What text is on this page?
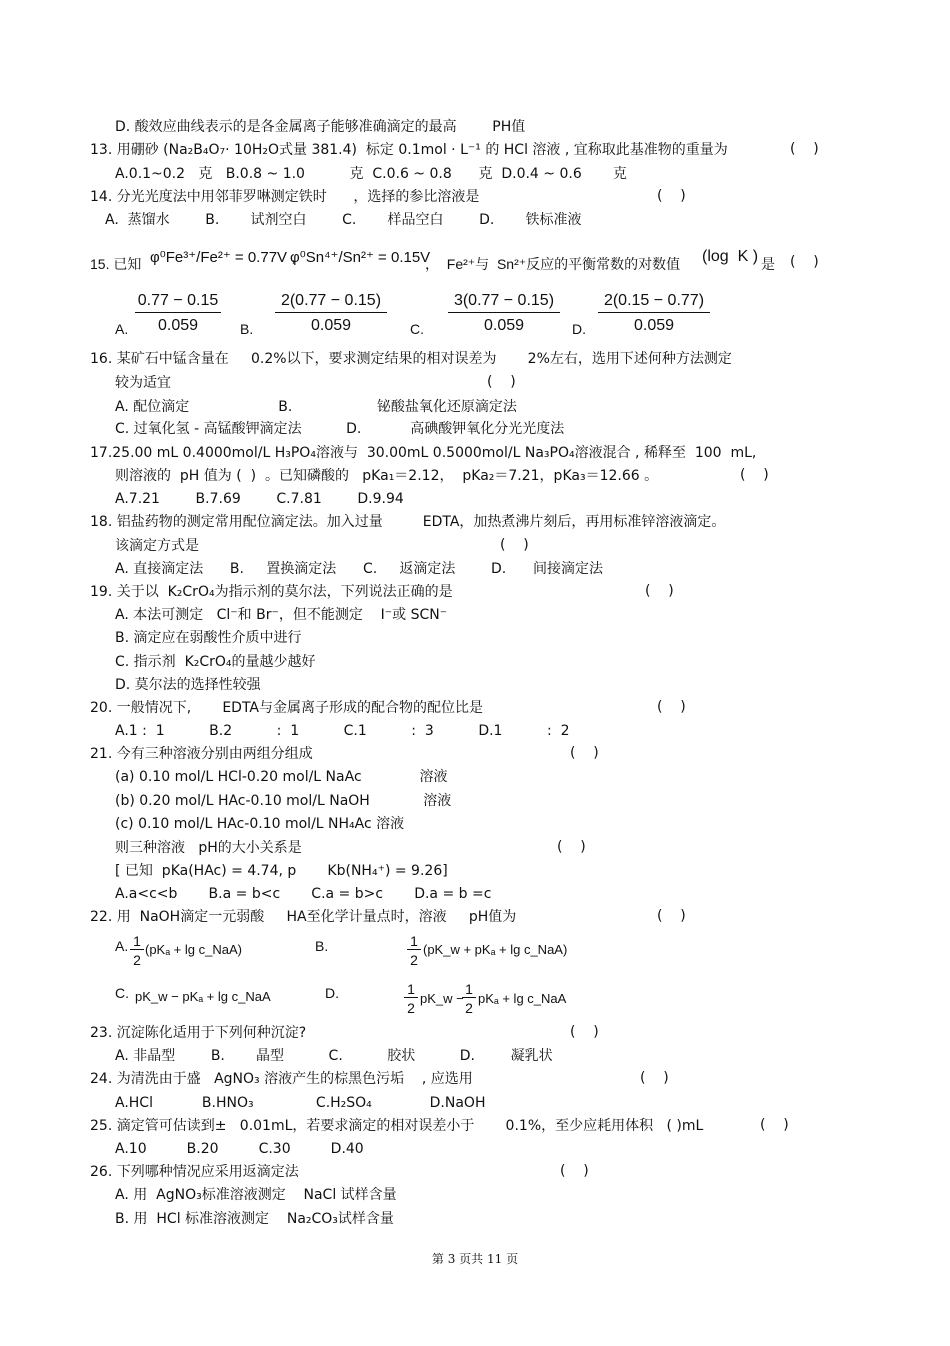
D. 酸效应曲线表示的是各金属离子能够准确滴定的最高        PH值
13. 用硼砂 (Na₂B₄O₇· 10H₂O式量 381.4)  标定 0.1mol · L⁻¹ 的 HCl 溶液 , 宜称取此基准物的重量为	(    )
A.0.1~0.2   克   B.0.8 ~ 1.0          克  C.0.6 ~ 0.8      克  D.0.4 ~ 0.6       克
14. 分光光度法中用邻菲罗啉测定铁时      ，选择的参比溶液是	(    )
A.  蒸馏水        B.       试剂空白        C.       样品空白        D.       铁标准液
15. 已知 φ⁰Fe³⁺/Fe²⁺ = 0.77V ,
φ⁰Sn⁴⁺/Sn²⁺ = 0.15V
，  Fe²⁺与  Sn²⁺反应的平衡常数的对数值 (log  K ) 是 (    )
A. $\frac{0.77 - 0.15}{0.059} B$. $\frac{2(0.77 - 0.15)}{0.059} C$. $\frac{3(0.77 - 0.15)}{0.059} D$. $\frac{2(0.15 - 0.77)}{0.059}$
16. 某矿石中锰含量在     0.2%以下，要求测定结果的相对误差为       2%左右，选用下述何种方法测定
较为适宜	(    )
A. 配位滴定                    B.                   铋酸盐氧化还原滴定法
C. 过氧化氢 - 高锰酸钾滴定法          D.           高碘酸钾氧化分光光度法
17.25.00 mL 0.4000mol/L H₃PO₄溶液与  30.00mL 0.5000mol/L Na₃PO₄溶液混合 , 稀释至  100  mL,
则溶液的  pH 值为 (  )  。已知磷酸的   pKa₁＝2.12，  pKa₂＝7.21，pKa₃＝12.66 。	(    )
A.7.21        B.7.69        C.7.81        D.9.94
18. 铝盐药物的测定常用配位滴定法。加入过量         EDTA，加热煮沸片刻后，再用标准锌溶液滴定。
该滴定方式是	(    )
A. 直接滴定法      B.     置换滴定法      C.     返滴定法        D.      间接滴定法
19. 关于以  K₂CrO₄为指示剂的莫尔法，下列说法正确的是	(    )
A. 本法可测定   Cl⁻和 Br⁻，但不能测定    I⁻或 SCN⁻
B. 滴定应在弱酸性介质中进行
C. 指示剂  K₂CrO₄的量越少越好
D. 莫尔法的选择性较强
20. 一般情况下,       EDTA与金属离子形成的配合物的配位比是	(    )
A.1 :  1          B.2          :  1          C.1          :  3          D.1          :  2
21. 今有三种溶液分别由两组分组成	(    )
(a) 0.10 mol/L HCl-0.20 mol/L NaAc             溶液
(b) 0.20 mol/L HAc-0.10 mol/L NaOH            溶液
(c) 0.10 mol/L HAc-0.10 mol/L NH₄Ac 溶液
则三种溶液   pH的大小关系是	(    )
[ 已知  pKa(HAc) = 4.74, p       Kb(NH₄⁺) = 9.26]
A.a<c<b       B.a = b<c       C.a = b>c       D.a = b =c
22. 用  NaOH滴定一元弱酸     HA至化学计量点时，溶液     pH值为	(    )
A. $\frac{1}{2} (pK_a + \lg$ c_NaA)	B.	$\frac{1}{2}$ (pK_w + pKₐ + lg c_NaA)
C. pK_w − pKₐ + lg c_NaA	D.	$\frac{1}{2}$ pK_w −
$\frac{1}{2}$ pKₐ + lg c_NaA
23. 沉淀陈化适用于下列何种沉淀?	(    )
A. 非晶型        B.       晶型          C.          胶状          D.        凝乳状
24. 为清洗由于盛   AgNO₃ 溶液产生的棕黑色污垢    , 应选用	(    )
A.HCl           B.HNO₃              C.H₂SO₄             D.NaOH
25. 滴定管可估读到±   0.01mL，若要求滴定的相对误差小于       0.1%，至少应耗用体积   ( )mL	(    )
A.10         B.20         C.30         D.40
26. 下列哪种情况应采用返滴定法	(    )
A. 用  AgNO₃标准溶液测定    NaCl 试样含量
B. 用  HCl 标准溶液测定    Na₂CO₃试样含量
第 3 页共 11 页
